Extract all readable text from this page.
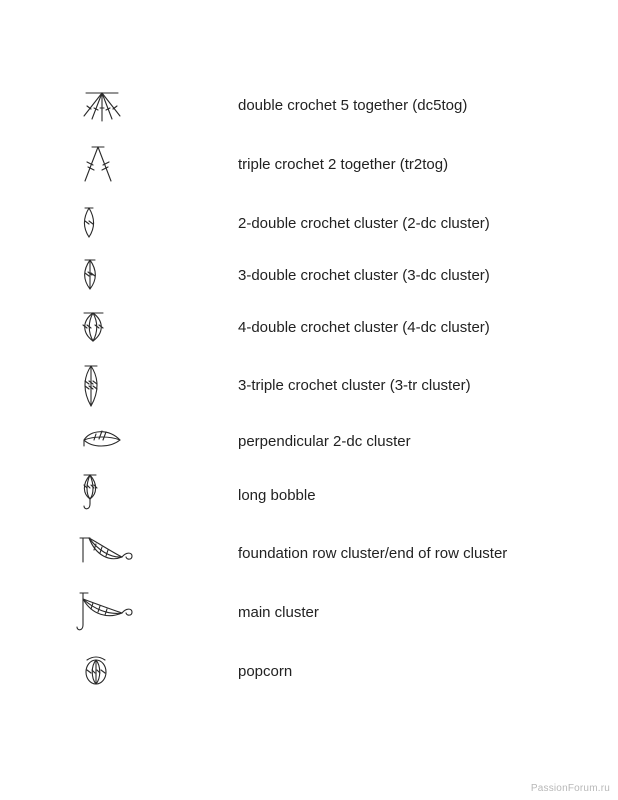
double crochet 5 together (dc5tog)
triple crochet 2 together (tr2tog)
2-double crochet cluster (2-dc cluster)
3-double crochet cluster (3-dc cluster)
4-double crochet cluster (4-dc cluster)
3-triple crochet cluster (3-tr cluster)
perpendicular 2-dc cluster
long bobble
foundation row cluster/end of row cluster
main cluster
popcorn
PassionForum.ru
